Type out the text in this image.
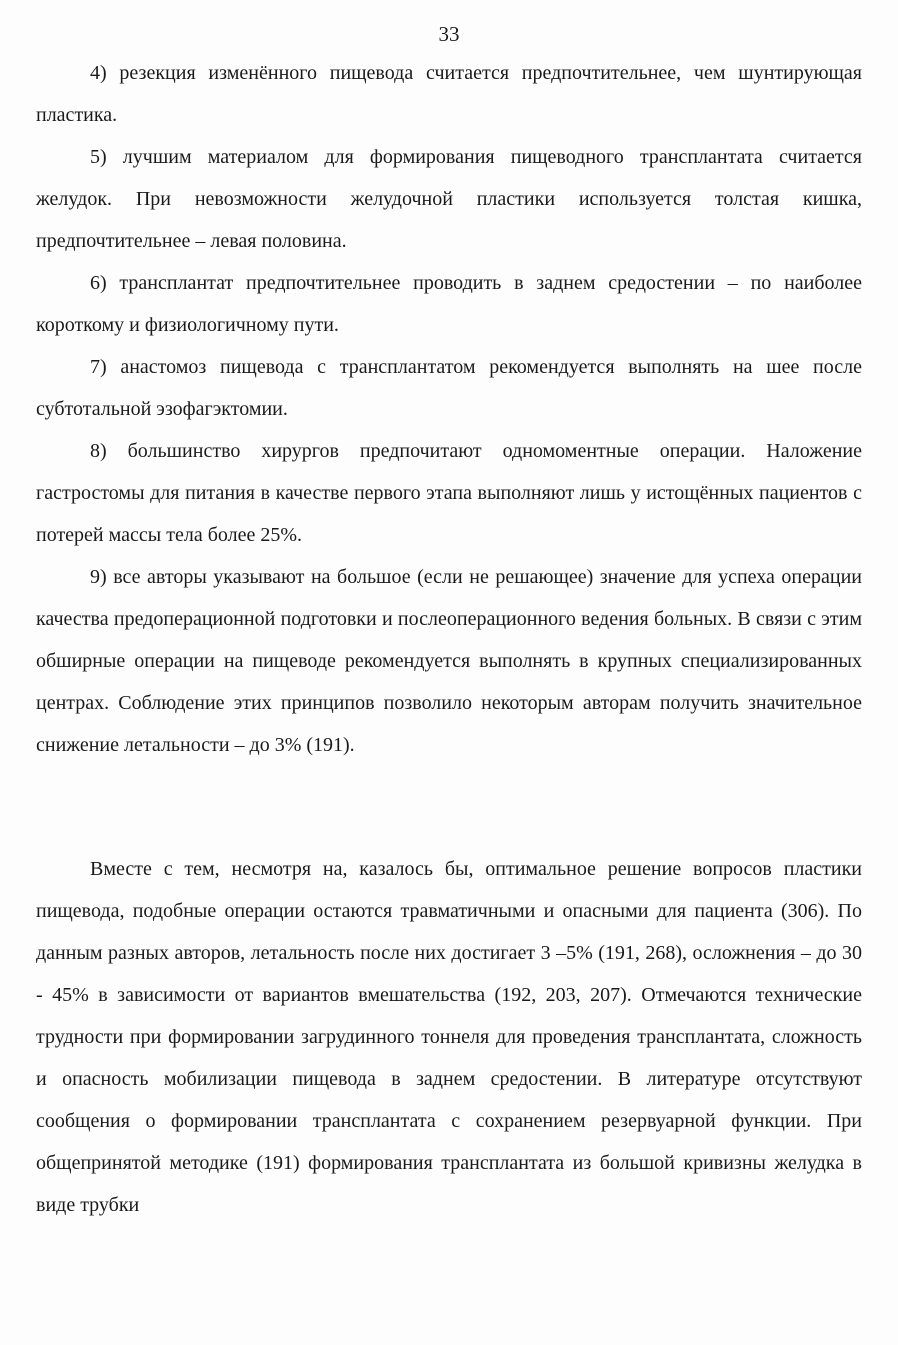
33

4) резекция изменённого пищевода считается предпочтительнее, чем шунтирующая пластика.

5) лучшим материалом для формирования пищеводного трансплантата считается желудок. При невозможности желудочной пластики используется толстая кишка, предпочтительнее – левая половина.

6) трансплантат предпочтительнее проводить в заднем средостении – по наиболее короткому и физиологичному пути.

7) анастомоз пищевода с трансплантатом рекомендуется выполнять на шее после субтотальной эзофагэктомии.

8) большинство хирургов предпочитают одномоментные операции. Наложение гастростомы для питания в качестве первого этапа выполняют лишь у истощённых пациентов с потерей массы тела более 25%.

9) все авторы указывают на большое (если не решающее) значение для успеха операции качества предоперационной подготовки и послеоперационного ведения больных. В связи с этим обширные операции на пищеводе рекомендуется выполнять в крупных специализированных центрах. Соблюдение этих принципов позволило некоторым авторам получить значительное снижение летальности – до 3% (191).

Вместе с тем, несмотря на, казалось бы, оптимальное решение вопросов пластики пищевода, подобные операции остаются травматичными и опасными для пациента (306). По данным разных авторов, летальность после них достигает 3 –5% (191, 268), осложнения – до 30 - 45% в зависимости от вариантов вмешательства (192, 203, 207). Отмечаются технические трудности при формировании загрудинного тоннеля для проведения трансплантата, сложность и опасность мобилизации пищевода в заднем средостении. В литературе отсутствуют сообщения о формировании трансплантата с сохранением резервуарной функции. При общепринятой методике (191) формирования трансплантата из большой кривизны желудка в виде трубки
